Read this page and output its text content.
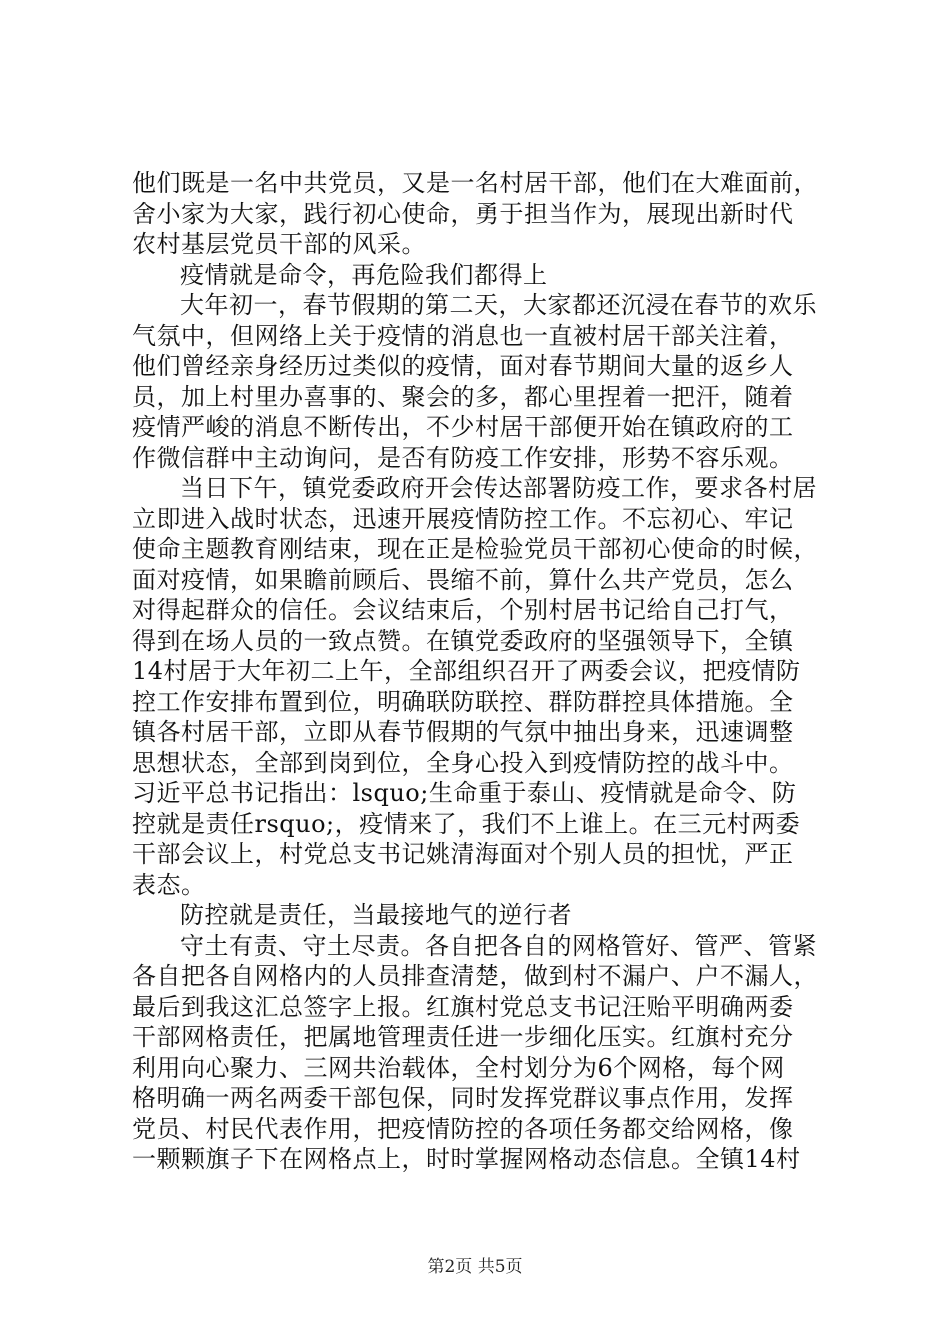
他们既是一名中共党员，又是一名村居干部，他们在大难面前，
舍小家为大家，践行初心使命，勇于担当作为，展现出新时代
农村基层党员干部的风采。
疫情就是命令，再危险我们都得上
大年初一，春节假期的第二天，大家都还沉浸在春节的欢乐
气氛中，但网络上关于疫情的消息也一直被村居干部关注着，
他们曾经亲身经历过类似的疫情，面对春节期间大量的返乡人
员，加上村里办喜事的、聚会的多，都心里捏着一把汗，随着
疫情严峻的消息不断传出，不少村居干部便开始在镇政府的工
作微信群中主动询问，是否有防疫工作安排，形势不容乐观。
当日下午，镇党委政府开会传达部署防疫工作，要求各村居
立即进入战时状态，迅速开展疫情防控工作。不忘初心、牢记
使命主题教育刚结束，现在正是检验党员干部初心使命的时候，
面对疫情，如果瞻前顾后、畏缩不前，算什么共产党员，怎么
对得起群众的信任。会议结束后，个别村居书记给自己打气，
得到在场人员的一致点赞。在镇党委政府的坚强领导下，全镇
14村居于大年初二上午，全部组织召开了两委会议，把疫情防
控工作安排布置到位，明确联防联控、群防群控具体措施。全
镇各村居干部，立即从春节假期的气氛中抽出身来，迅速调整
思想状态，全部到岗到位，全身心投入到疫情防控的战斗中。
习近平总书记指出：lsquo;生命重于泰山、疫情就是命令、防
控就是责任rsquo;，疫情来了，我们不上谁上。在三元村两委
干部会议上，村党总支书记姚清海面对个别人员的担忧，严正
表态。
防控就是责任，当最接地气的逆行者
守土有责、守土尽责。各自把各自的网格管好、管严、管紧
各自把各自网格内的人员排查清楚，做到村不漏户、户不漏人，
最后到我这汇总签字上报。红旗村党总支书记汪贻平明确两委
干部网格责任，把属地管理责任进一步细化压实。红旗村充分
利用向心聚力、三网共治载体，全村划分为6个网格，每个网
格明确一两名两委干部包保，同时发挥党群议事点作用，发挥
党员、村民代表作用，把疫情防控的各项任务都交给网格，像
一颗颗旗子下在网格点上，时时掌握网格动态信息。全镇14村
第2页 共5页
